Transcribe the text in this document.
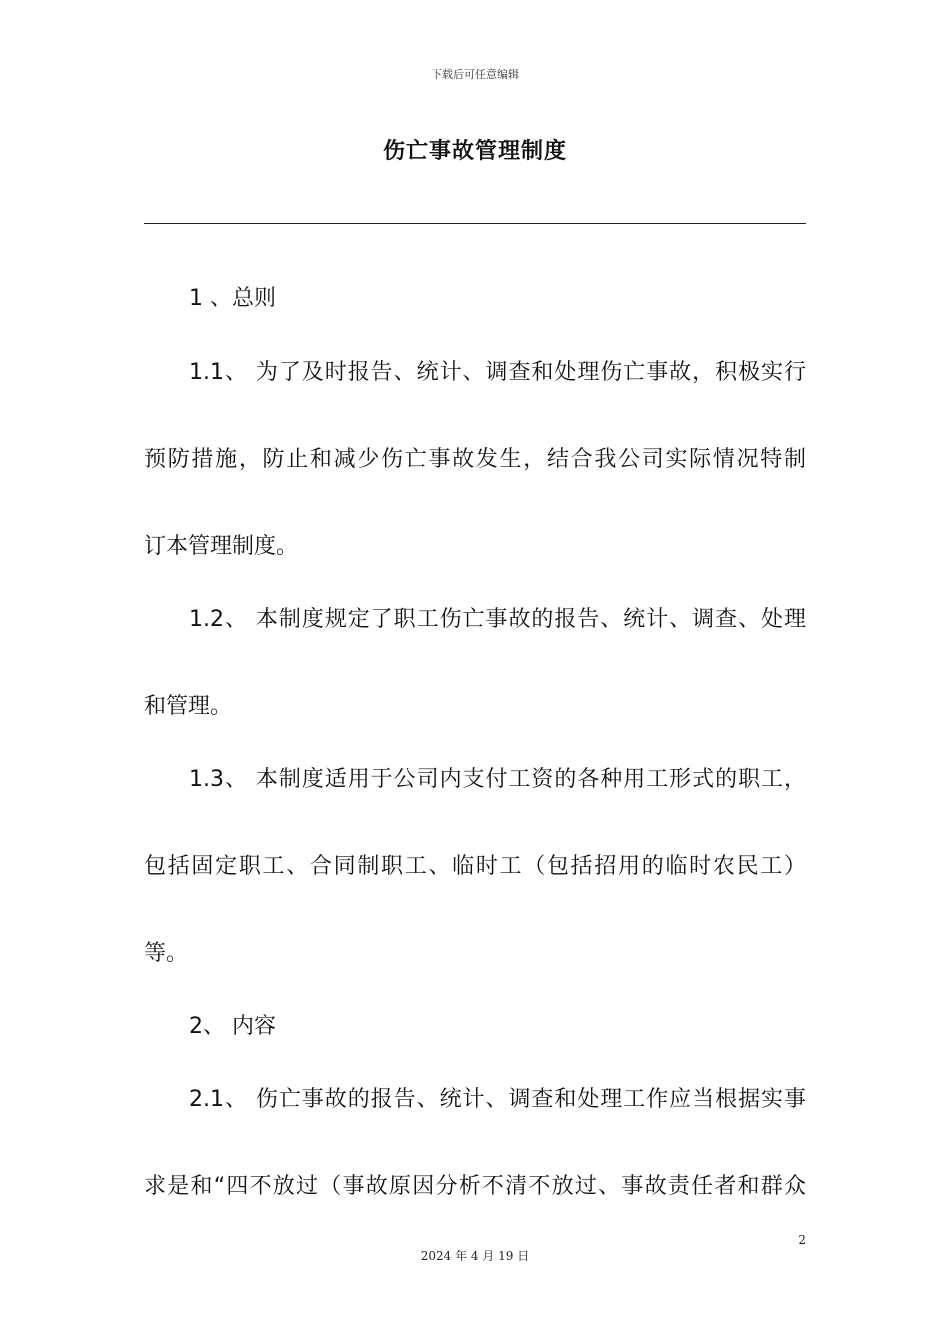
下载后可任意编辑
伤亡事故管理制度
1 、总则
1.1、 为了及时报告、统计、调查和处理伤亡事故，积极实行
预防措施，防止和减少伤亡事故发生，结合我公司实际情况特制
订本管理制度。
1.2、 本制度规定了职工伤亡事故的报告、统计、调查、处理
和管理。
1.3、 本制度适用于公司内支付工资的各种用工形式的职工，
包括固定职工、合同制职工、临时工（包括招用的临时农民工）
等。
2、 内容
2.1、 伤亡事故的报告、统计、调查和处理工作应当根据实事
求是和“四不放过（事故原因分析不清不放过、事故责任者和群众
2
2024 年 4 月 19 日
